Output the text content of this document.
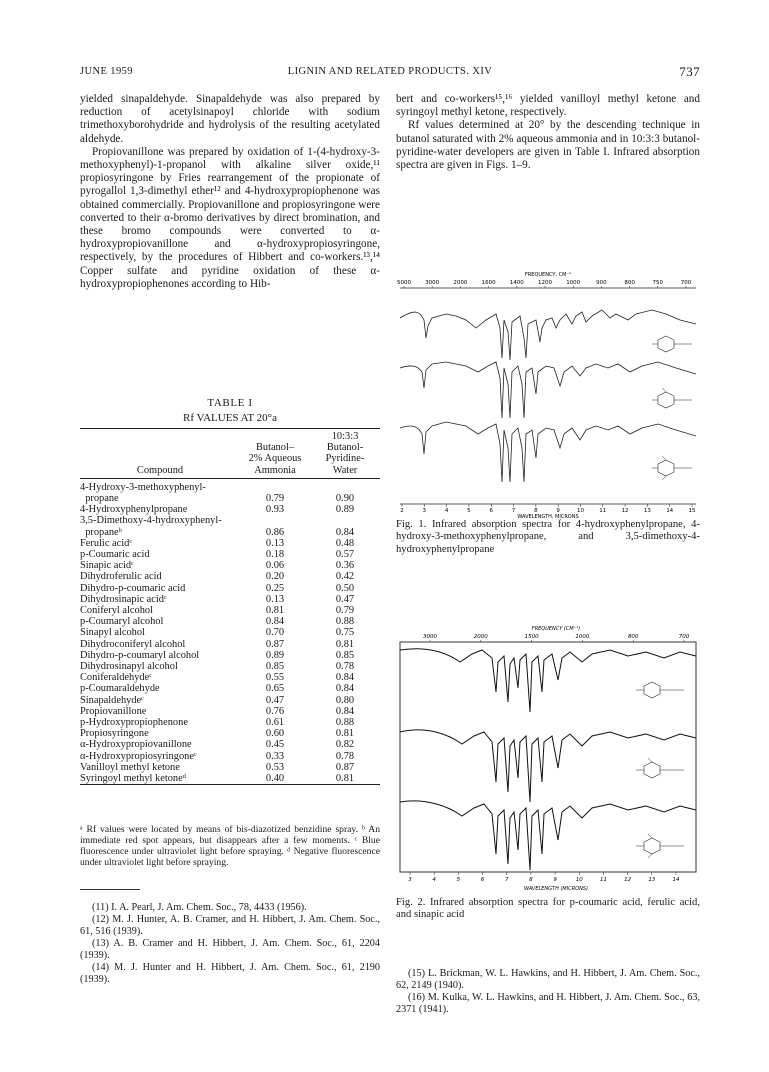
JUNE 1959	LIGNIN AND RELATED PRODUCTS. XIV	737

yielded sinapaldehyde. Sinapaldehyde was also prepared by reduction of acetylsinapoyl chloride with sodium trimethoxyborohydride and hydrolysis of the resulting acetylated aldehyde.

Propiovanillone was prepared by oxidation of 1-(4-hydroxy-3-methoxyphenyl)-1-propanol with alkaline silver oxide,¹¹ propiosyringone by Fries rearrangement of the propionate of pyrogallol 1,3-dimethyl ether¹² and 4-hydroxypropiophenone was obtained commercially. Propiovanillone and propiosyringone were converted to their α-bromo derivatives by direct bromination, and these bromo compounds were converted to α-hydroxypropiovanillone and α-hydroxypropiosyringone, respectively, by the procedures of Hibbert and co-workers.¹³,¹⁴ Copper sulfate and pyridine oxidation of these α-hydroxypropiophenones according to Hib-

bert and co-workers¹⁵,¹⁶ yielded vanilloyl methyl ketone and syringoyl methyl ketone, respectively.

Rf values determined at 20° by the descending technique in butanol saturated with 2% aqueous ammonia and in 10:3:3 butanol-pyridine-water developers are given in Table I. Infrared absorption spectra are given in Figs. 1–9.

TABLE I
Rf VALUES AT 20°a
Compound	Butanol–
2% Aqueous
Ammonia	10:3:3
Butanol-
Pyridine-
Water
4-Hydroxy-3-methoxyphenyl-
propane	0.79	0.90
4-Hydroxyphenylpropane	0.93	0.89
3,5-Dimethoxy-4-hydroxyphenyl-
propaneᵇ	0.86	0.84
Ferulic acidᶜ	0.13	0.48
p-Coumaric acid	0.18	0.57
Sinapic acidᶜ	0.06	0.36
Dihydroferulic acid	0.20	0.42
Dihydro-p-coumaric acid	0.25	0.50
Dihydrosinapic acidᶜ	0.13	0.47
Coniferyl alcohol	0.81	0.79
p-Coumaryl alcohol	0.84	0.88
Sinapyl alcohol	0.70	0.75
Dihydroconiferyl alcohol	0.87	0.81
Dihydro-p-coumaryl alcohol	0.89	0.85
Dihydrosinapyl alcohol	0.85	0.78
Coniferaldehydeᶜ	0.55	0.84
p-Coumaraldehyde	0.65	0.84
Sinapaldehydeᶜ	0.47	0.80
Propiovanillone	0.76	0.84
p-Hydroxypropiophenone	0.61	0.88
Propiosyringone	0.60	0.81
α-Hydroxypropiovanillone	0.45	0.82
α-Hydroxypropiosyringoneᶜ	0.33	0.78
Vanilloyl methyl ketone	0.53	0.87
Syringoyl methyl ketoneᵈ	0.40	0.81
ᵃ Rf values were located by means of bis-diazotized benzidine spray. ᵇ An immediate red spot appears, but disappears after a few moments. ᶜ Blue fluorescence under ultraviolet light before spraying. ᵈ Negative fluorescence under ultraviolet light before spraying.

(11) I. A. Pearl, J. Am. Chem. Soc., 78, 4433 (1956).

(12) M. J. Hunter, A. B. Cramer, and H. Hibbert, J. Am. Chem. Soc., 61, 516 (1939).

(13) A. B. Cramer and H. Hibbert, J. Am. Chem. Soc., 61, 2204 (1939).

(14) M. J. Hunter and H. Hibbert, J. Am. Chem. Soc., 61, 2190 (1939).

(15) L. Brickman, W. L. Hawkins, and H. Hibbert, J. Am. Chem. Soc., 62, 2149 (1940).

(16) M. Kulka, W. L. Hawkins, and H. Hibbert, J. Am. Chem. Soc., 63, 2371 (1941).

FREQUENCY, CM⁻¹
5000	3000	2000	1600	1400	1200	1000	900	800	750	700
2	3	4	5	6	7	8	9	10	11	12	13	14	15
WAVELENGTH, MICRONS
Fig. 1. Infrared absorption spectra for 4-hydroxyphenylpropane, 4-hydroxy-3-methoxyphenylpropane, and 3,5-dimethoxy-4-hydroxyphenylpropane
FREQUENCY (CM⁻¹)
3000	2000	1500	1000	800	700
3	4	5	6	7	8	9	10	11	12	13	14
WAVELENGTH (MICRONS)
Fig. 2. Infrared absorption spectra for p-coumaric acid, ferulic acid, and sinapic acid
